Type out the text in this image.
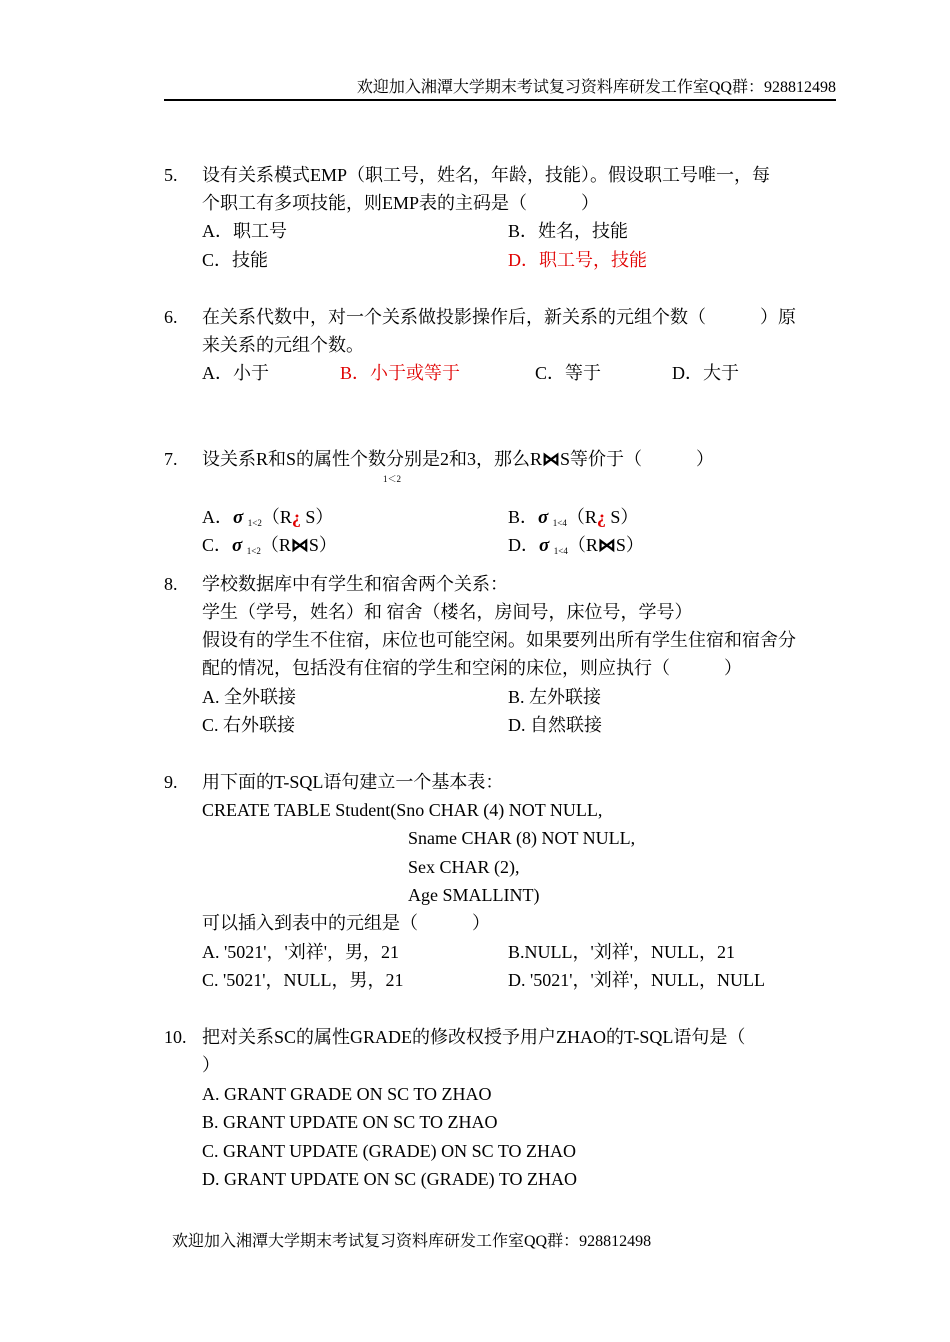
欢迎加入湘潭大学期末考试复习资料库研发工作室QQ群：928812498
5. 设有关系模式EMP（职工号，姓名，年龄，技能）。假设职工号唯一，每
个职工有多项技能，则EMP表的主码是（　　　）
A．职工号	B．姓名，技能
C．技能	D．职工号，技能
6. 在关系代数中，对一个关系做投影操作后，新关系的元组个数（　　　）原
来关系的元组个数。
A．小于	B．小于或等于	C．等于	D．大于
7. 设关系R和S的属性个数分别是2和3，那么R⋈S等价于（　　　）
1＜2
A．σ $_{1<2}$（R¿ S）	B．σ $_{1<4}$（R¿ S）
C．σ $_{1<2}$（R⋈S）	D．σ $_{1<4}$（R⋈S）
8. 学校数据库中有学生和宿舍两个关系：
学生（学号，姓名）和 宿舍（楼名，房间号，床位号，学号）
假设有的学生不住宿，床位也可能空闲。如果要列出所有学生住宿和宿舍分
配的情况，包括没有住宿的学生和空闲的床位，则应执行（　　　）
A. 全外联接	B. 左外联接
C. 右外联接	D. 自然联接
9. 用下面的T-SQL语句建立一个基本表：
CREATE TABLE Student(Sno CHAR (4) NOT NULL,
Sname CHAR (8) NOT NULL,
Sex CHAR (2),
Age SMALLINT)
可以插入到表中的元组是（　　　）
A. '5021'，'刘祥'，男，21	B.NULL，'刘祥'，NULL，21
C. '5021'，NULL，男，21	D. '5021'，'刘祥'，NULL，NULL
10. 把对关系SC的属性GRADE的修改权授予用户ZHAO的T-SQL语句是（
）
A. GRANT GRADE ON SC TO ZHAO
B. GRANT UPDATE ON SC TO ZHAO
C. GRANT UPDATE (GRADE) ON SC TO ZHAO
D. GRANT UPDATE ON SC (GRADE) TO ZHAO
欢迎加入湘潭大学期末考试复习资料库研发工作室QQ群：928812498
